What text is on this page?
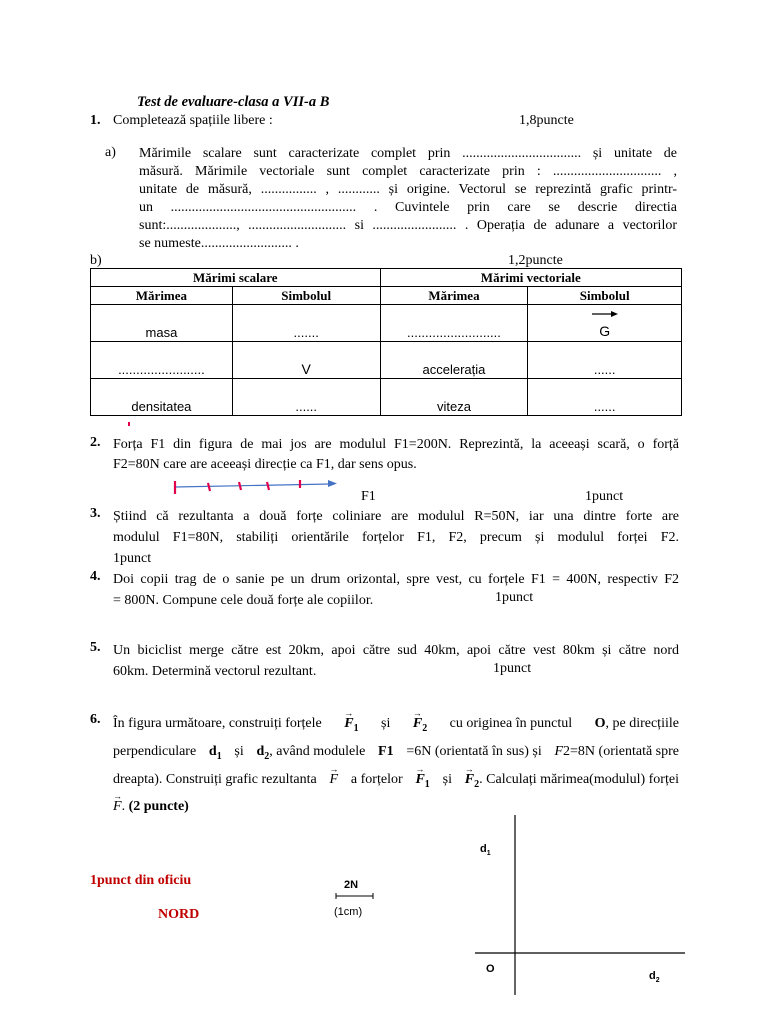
Test de evaluare-clasa a VII-a B
1. Completează spațiile libere :	1,8puncte
a) Mărimile scalare sunt caracterizate complet prin .................................. și unitate de
măsură. Mărimile vectoriale sunt complet caracterizate prin : ............................... ,
unitate de măsură, ................ , ............ și origine. Vectorul se reprezintă grafic printr-
un ..................................................... . Cuvintele prin care se descrie directia
sunt:...................., ............................ si ........................ . Operația de adunare a vectorilor
se numeste.......................... .
b)	1,2puncte
Mărimi scalare		Mărimi vectoriale	
Mărimea	Simbolul	Mărimea	Simbolul
masa	.......	..........................	G

........................	V	accelerația	......
densitatea	......	viteza	......
2. Forța F1 din figura de mai jos are modulul F1=200N. Reprezintă, la aceeași scară, o forță
F2=80N care are aceeași direcție ca F1, dar sens opus.
F1	1punct
3. Știind că rezultanta a două forțe coliniare are modulul R=50N, iar una dintre forte are
modulul F1=80N, stabiliți orientările forțelor F1, F2, precum și modulul forței F2.
1punct
4. Doi copii trag de o sanie pe un drum orizontal, spre vest, cu forțele F1 = 400N, respectiv F2
= 800N. Compune cele două forțe ale copiilor.	1punct
5. Un biciclist merge către est 20km, apoi către sud 40km, apoi către vest 80km și către nord
60km. Determină vectorul rezultant.	1punct
6. În figura următoare, construiți forțele → $F_1$ și → $F_2$ cu originea în punctul O, pe direcțiile
perpendiculare $d_1$ și $d_2$, având modulele F1 =6N (orientată în sus) și F2=8N (orientată spre
dreapta). Construiți grafic rezultanta → F a forțelor → $F_1$ și → $F_2$. Calculați mărimea(modulul) forței
→ F. (2 puncte)
1punct din oficiu
NORD
2N
(1cm)
$d_1$
O
$d_2$
